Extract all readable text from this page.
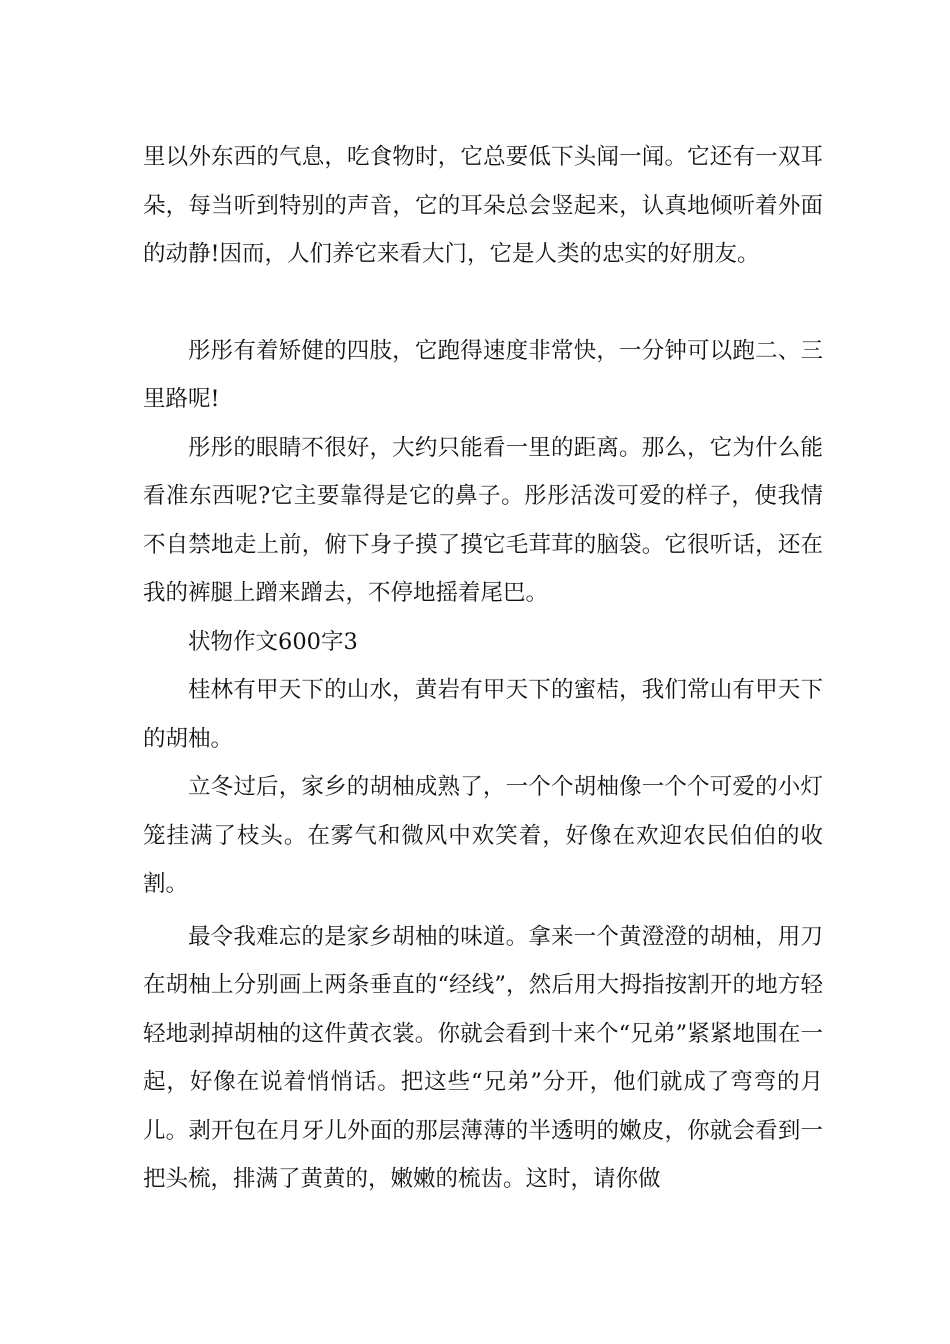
里以外东西的气息，吃食物时，它总要低下头闻一闻。它还有一双耳朵，每当听到特别的声音，它的耳朵总会竖起来，认真地倾听着外面的动静!因而，人们养它来看大门，它是人类的忠实的好朋友。

彤彤有着矫健的四肢，它跑得速度非常快，一分钟可以跑二、三里路呢!

彤彤的眼睛不很好，大约只能看一里的距离。那么，它为什么能看准东西呢?它主要靠得是它的鼻子。彤彤活泼可爱的样子，使我情不自禁地走上前，俯下身子摸了摸它毛茸茸的脑袋。它很听话，还在我的裤腿上蹭来蹭去，不停地摇着尾巴。

状物作文600字3

桂林有甲天下的山水，黄岩有甲天下的蜜桔，我们常山有甲天下的胡柚。

立冬过后，家乡的胡柚成熟了，一个个胡柚像一个个可爱的小灯笼挂满了枝头。在雾气和微风中欢笑着，好像在欢迎农民伯伯的收割。

最令我难忘的是家乡胡柚的味道。拿来一个黄澄澄的胡柚，用刀在胡柚上分别画上两条垂直的“经线”，然后用大拇指按割开的地方轻轻地剥掉胡柚的这件黄衣裳。你就会看到十来个“兄弟”紧紧地围在一起，好像在说着悄悄话。把这些“兄弟”分开，他们就成了弯弯的月儿。剥开包在月牙儿外面的那层薄薄的半透明的嫩皮，你就会看到一把头梳，排满了黄黄的，嫩嫩的梳齿。这时，请你做
